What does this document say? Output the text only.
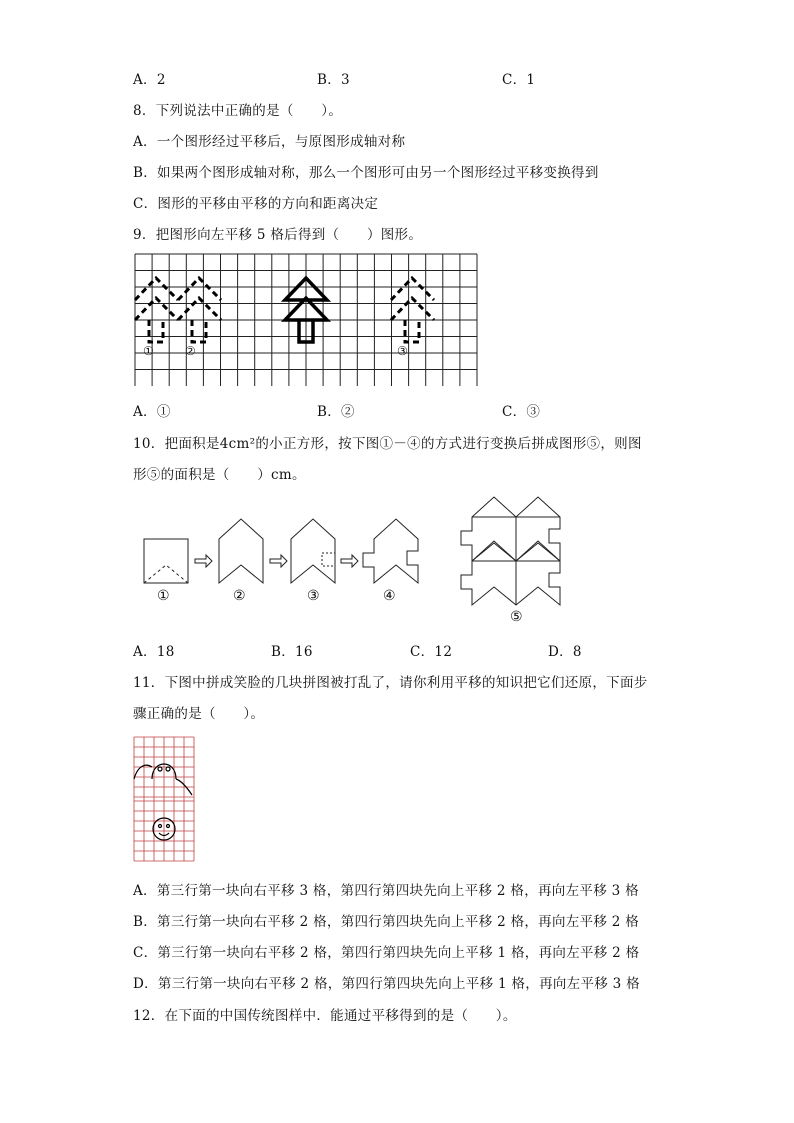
A．2	B．3	C．1
8．下列说法中正确的是（　　）。
A．一个图形经过平移后，与原图形成轴对称
B．如果两个图形成轴对称，那么一个图形可由另一个图形经过平移变换得到
C．图形的平移由平移的方向和距离决定
9．把图形向左平移 5 格后得到（　　）图形。
①	②	③
A．①	B．②	C．③
10．把面积是4cm²的小正方形，按下图①－④的方式进行变换后拼成图形⑤，则图
形⑤的面积是（　　）cm。
①	②	③	④
⑤
A．18	B．16	C．12	D．8
11．下图中拼成笑脸的几块拼图被打乱了，请你利用平移的知识把它们还原，下面步
骤正确的是（　　）。
A．第三行第一块向右平移 3 格，第四行第四块先向上平移 2 格，再向左平移 3 格
B．第三行第一块向右平移 2 格，第四行第四块先向上平移 2 格，再向左平移 2 格
C．第三行第一块向右平移 2 格，第四行第四块先向上平移 1 格，再向左平移 2 格
D．第三行第一块向右平移 2 格，第四行第四块先向上平移 1 格，再向左平移 3 格
12．在下面的中国传统图样中．能通过平移得到的是（　　）。
